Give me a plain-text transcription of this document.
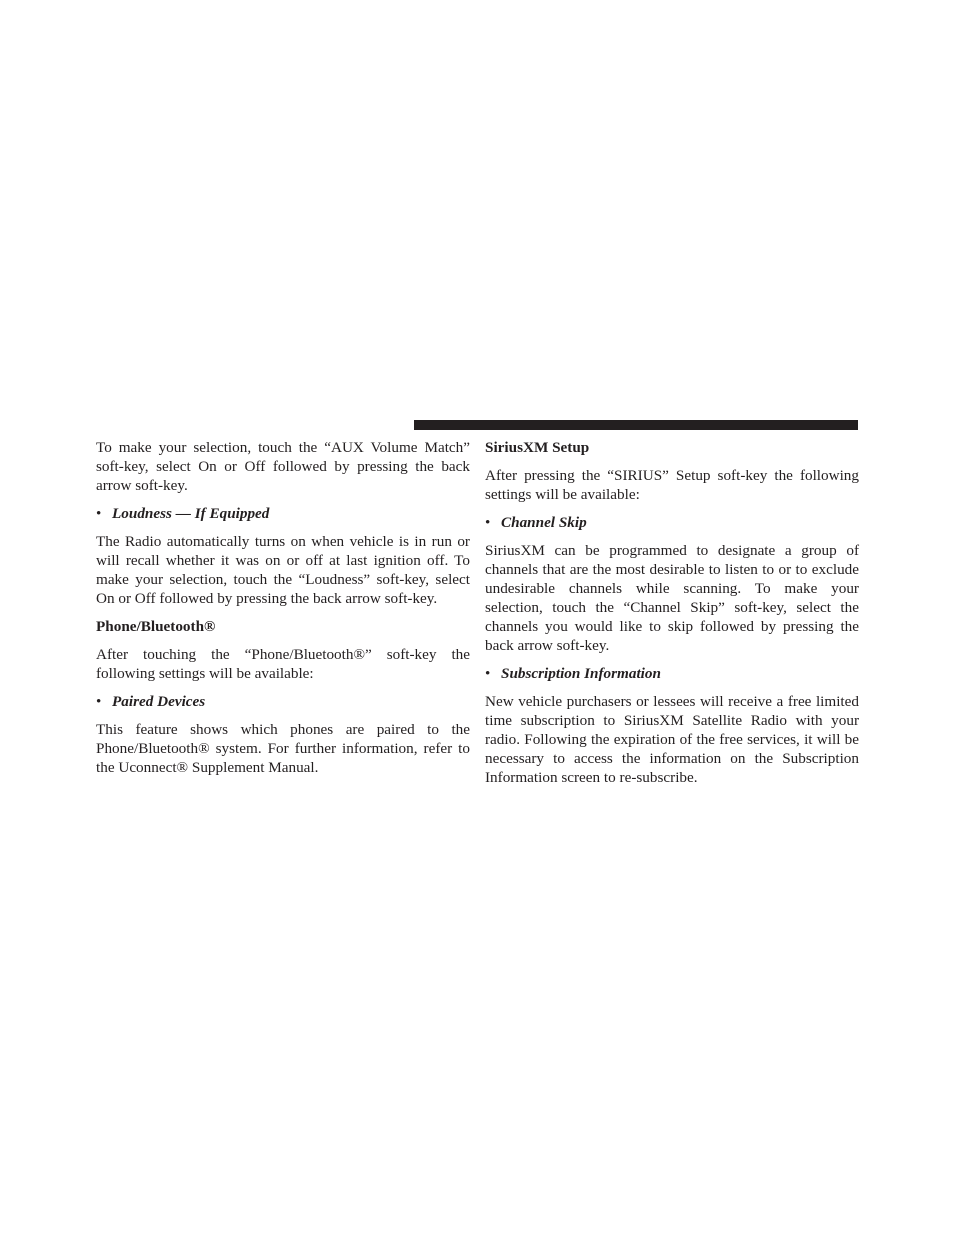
To make your selection, touch the “AUX Volume Match” soft-key, select On or Off followed by pressing the back arrow soft-key.

• Loudness — If Equipped

The Radio automatically turns on when vehicle is in run or will recall whether it was on or off at last ignition off. To make your selection, touch the “Loudness” soft-key, select On or Off followed by pressing the back arrow soft-key.

Phone/Bluetooth®

After touching the “Phone/Bluetooth®” soft-key the following settings will be available:

• Paired Devices

This feature shows which phones are paired to the Phone/Bluetooth® system. For further information, refer to the Uconnect® Supplement Manual.

SiriusXM Setup

After pressing the “SIRIUS” Setup soft-key the following settings will be available:

• Channel Skip

SiriusXM can be programmed to designate a group of channels that are the most desirable to listen to or to exclude undesirable channels while scanning. To make your selection, touch the “Channel Skip” soft-key, select the channels you would like to skip followed by pressing the back arrow soft-key.

• Subscription Information

New vehicle purchasers or lessees will receive a free limited time subscription to SiriusXM Satellite Radio with your radio. Following the expiration of the free services, it will be necessary to access the information on the Subscription Information screen to re-subscribe.
